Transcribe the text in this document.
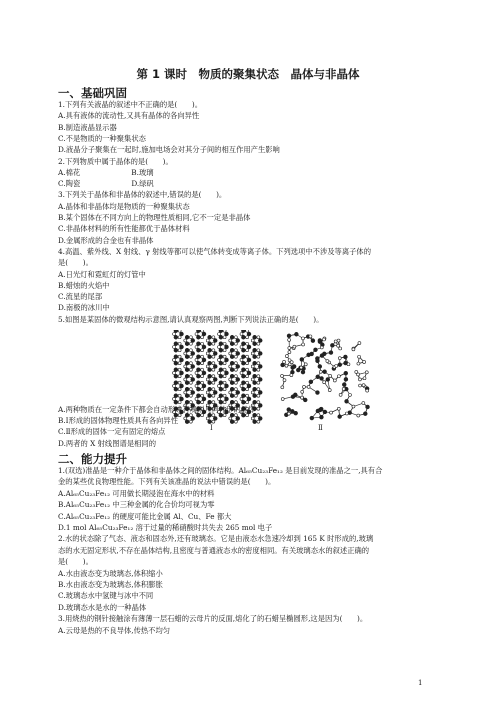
第 1 课时　物质的聚集状态　晶体与非晶体
一、基础巩固
1.下列有关液晶的叙述中不正确的是(　　)。
A.具有液体的流动性,又具有晶体的各向异性
B.制造液晶显示器
C.不是物质的一种聚集状态
D.液晶分子聚集在一起时,施加电场会对其分子间的相互作用产生影响
2.下列物质中属于晶体的是(　　)。
A.棉花　　　　　　　B.玻璃
C.陶瓷　　　　　　　D.绿矾
3.下列关于晶体和非晶体的叙述中,错误的是(　　)。
A.晶体和非晶体均是物质的一种聚集状态
B.某个固体在不同方向上的物理性质相同,它不一定是非晶体
C.非晶体材料的所有性能都优于晶体材料
D.金属形成的合金也有非晶体
4.高温、紫外线、X 射线、γ 射线等都可以使气体转变成等离子体。下列选项中不涉及等离子体的
是(　　)。
A.日光灯和霓虹灯的灯管中
B.蜡烛的火焰中
C.流星的尾部
D.南极的冰川中
5.如图是某固体的微观结构示意图,请认真观察两图,判断下列说法正确的是(　　)。
Ⅰ	Ⅱ
A.两种物质在一定条件下都会自动形成有规则几何外形的晶体
B.Ⅰ形成的固体物理性质具有各向异性
C.Ⅱ形成的固体一定有固定的熔点
D.两者的 X 射线图谱是相同的
二、能力提升
1.(双选)准晶是一种介于晶体和非晶体之间的固体结构。Al₆₅Cu₂₃Fe₁₂ 是目前发现的准晶之一,具有合
金的某些优良物理性能。下列有关该准晶的说法中错误的是(　　)。
A.Al₆₅Cu₂₃Fe₁₂ 可用做长期浸泡在海水中的材料
B.Al₆₅Cu₂₃Fe₁₂ 中三种金属的化合价均可视为零
C.Al₆₅Cu₂₃Fe₁₂ 的硬度可能比金属 Al、Cu、Fe 都大
D.1 mol Al₆₅Cu₂₃Fe₁₂ 溶于过量的稀硝酸时共失去 265 mol 电子
2.水的状态除了气态、液态和固态外,还有玻璃态。它是由液态水急速冷却到 165 K 时形成的,玻璃
态的水无固定形状,不存在晶体结构,且密度与普通液态水的密度相同。有关玻璃态水的叙述正确的
是(　　)。
A.水由液态变为玻璃态,体积缩小
B.水由液态变为玻璃态,体积膨胀
C.玻璃态水中氢键与冰中不同
D.玻璃态水是水的一种晶体
3.用烧热的钢针接触涂有薄薄一层石蜡的云母片的反面,熔化了的石蜡呈椭圆形,这是因为(　　)。
A.云母是热的不良导体,传热不均匀
1
